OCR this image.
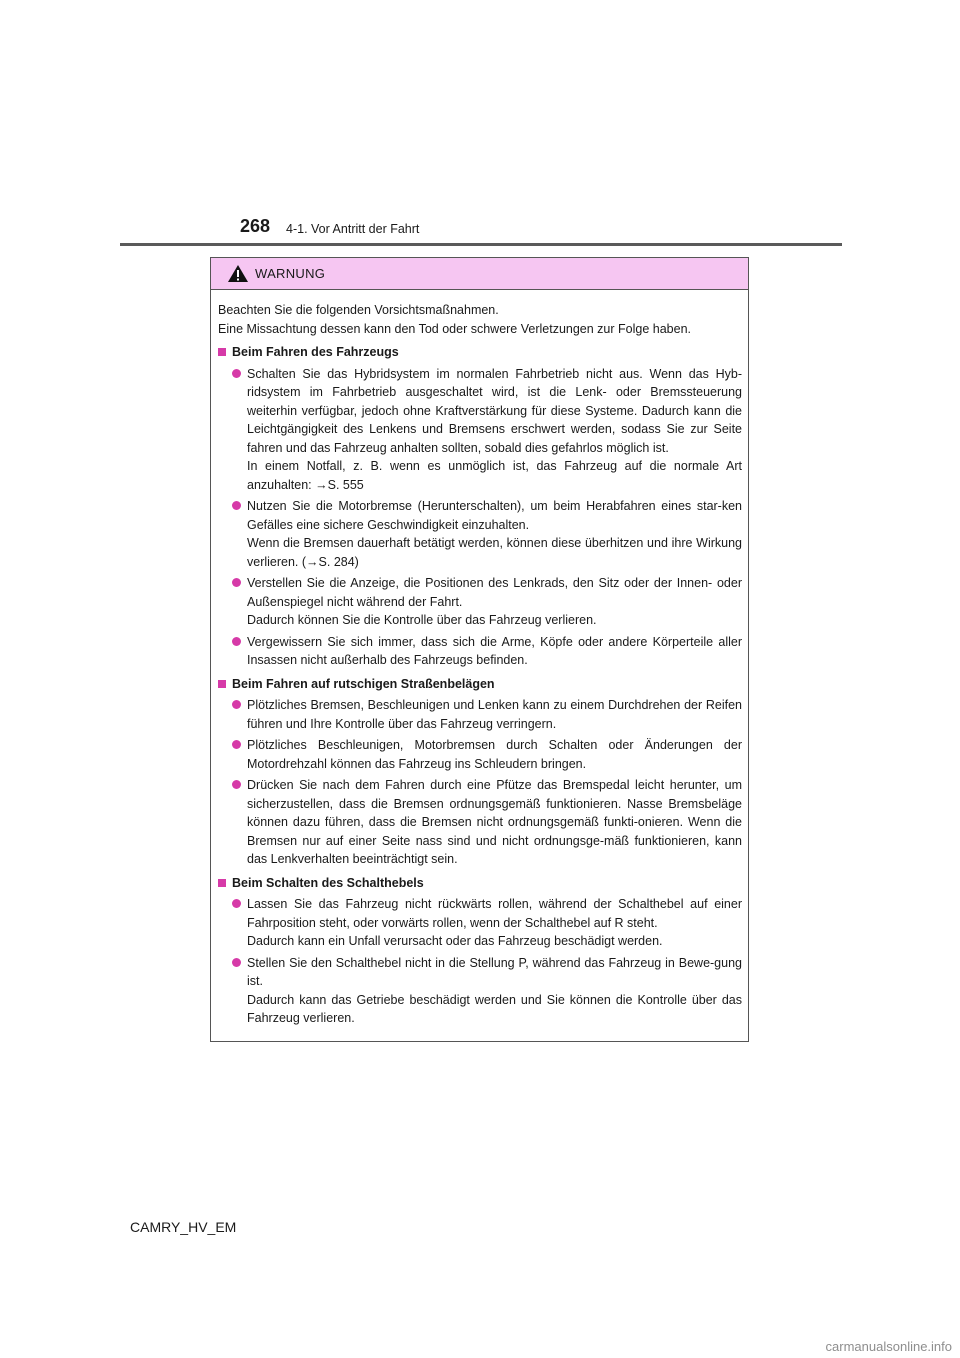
268 4-1. Vor Antritt der Fahrt
WARNUNG

Beachten Sie die folgenden Vorsichtsmaßnahmen.

Eine Missachtung dessen kann den Tod oder schwere Verletzungen zur Folge haben.

Beim Fahren des Fahrzeugs

Schalten Sie das Hybridsystem im normalen Fahrbetrieb nicht aus. Wenn das Hyb-ridsystem im Fahrbetrieb ausgeschaltet wird, ist die Lenk- oder Bremssteuerung weiterhin verfügbar, jedoch ohne Kraftverstärkung für diese Systeme. Dadurch kann die Leichtgängigkeit des Lenkens und Bremsens erschwert werden, sodass Sie zur Seite fahren und das Fahrzeug anhalten sollten, sobald dies gefahrlos möglich ist.

In einem Notfall, z. B. wenn es unmöglich ist, das Fahrzeug auf die normale Art anzuhalten: →S. 555

Nutzen Sie die Motorbremse (Herunterschalten), um beim Herabfahren eines star-ken Gefälles eine sichere Geschwindigkeit einzuhalten.

Wenn die Bremsen dauerhaft betätigt werden, können diese überhitzen und ihre Wirkung verlieren. (→S. 284)

Verstellen Sie die Anzeige, die Positionen des Lenkrads, den Sitz oder der Innen- oder Außenspiegel nicht während der Fahrt.

Dadurch können Sie die Kontrolle über das Fahrzeug verlieren.

Vergewissern Sie sich immer, dass sich die Arme, Köpfe oder andere Körperteile aller Insassen nicht außerhalb des Fahrzeugs befinden.

Beim Fahren auf rutschigen Straßenbelägen

Plötzliches Bremsen, Beschleunigen und Lenken kann zu einem Durchdrehen der Reifen führen und Ihre Kontrolle über das Fahrzeug verringern.

Plötzliches Beschleunigen, Motorbremsen durch Schalten oder Änderungen der Motordrehzahl können das Fahrzeug ins Schleudern bringen.

Drücken Sie nach dem Fahren durch eine Pfütze das Bremspedal leicht herunter, um sicherzustellen, dass die Bremsen ordnungsgemäß funktionieren. Nasse Bremsbeläge können dazu führen, dass die Bremsen nicht ordnungsgemäß funkti-onieren. Wenn die Bremsen nur auf einer Seite nass sind und nicht ordnungsge-mäß funktionieren, kann das Lenkverhalten beeinträchtigt sein.

Beim Schalten des Schalthebels

Lassen Sie das Fahrzeug nicht rückwärts rollen, während der Schalthebel auf einer Fahrposition steht, oder vorwärts rollen, wenn der Schalthebel auf R steht.

Dadurch kann ein Unfall verursacht oder das Fahrzeug beschädigt werden.

Stellen Sie den Schalthebel nicht in die Stellung P, während das Fahrzeug in Bewe-gung ist.

Dadurch kann das Getriebe beschädigt werden und Sie können die Kontrolle über das Fahrzeug verlieren.

CAMRY_HV_EM
carmanualsonline.info
